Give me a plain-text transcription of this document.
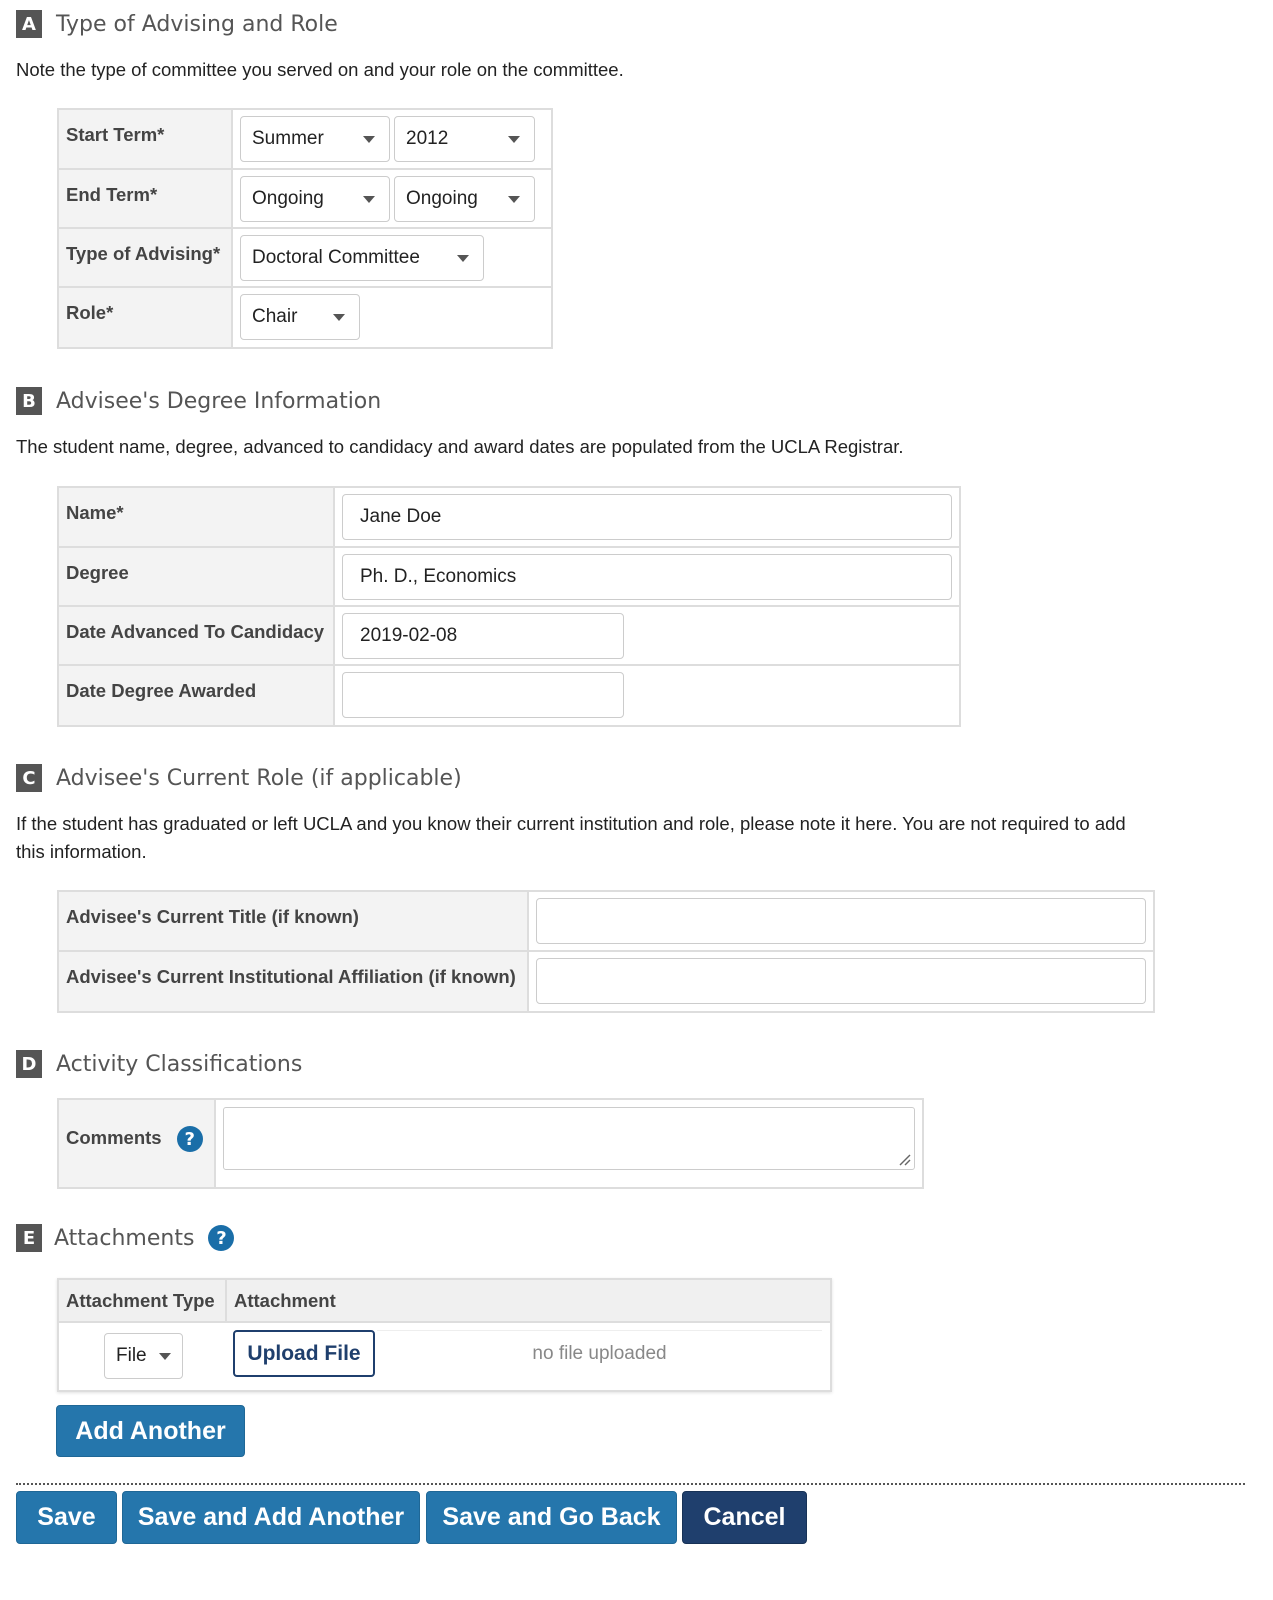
A Type of Advising and Role
Note the type of committee you served on and your role on the committee.
Start Term*	Summer 2012

End Term*	Ongoing Ongoing

Type of Advising*	Doctoral Committee

Role*	Chair
B Advisee's Degree Information
The student name, degree, advanced to candidacy and award dates are populated from the UCLA Registrar.
Name*	Jane Doe

Degree	Ph. D., Economics

Date Advanced To Candidacy	2019-02-08

Date Degree Awarded	
C Advisee's Current Role (if applicable)
If the student has graduated or left UCLA and you know their current institution and role, please note it here. You are not required to add
this information.
Advisee's Current Title (if known)	

Advisee's Current Institutional Affiliation (if known)	
D Activity Classifications
Comments ?	
E Attachments	?
Attachment Type	Attachment
File	Upload File	no file uploaded
Add Another
Save	Save and Add Another	Save and Go Back	Cancel
